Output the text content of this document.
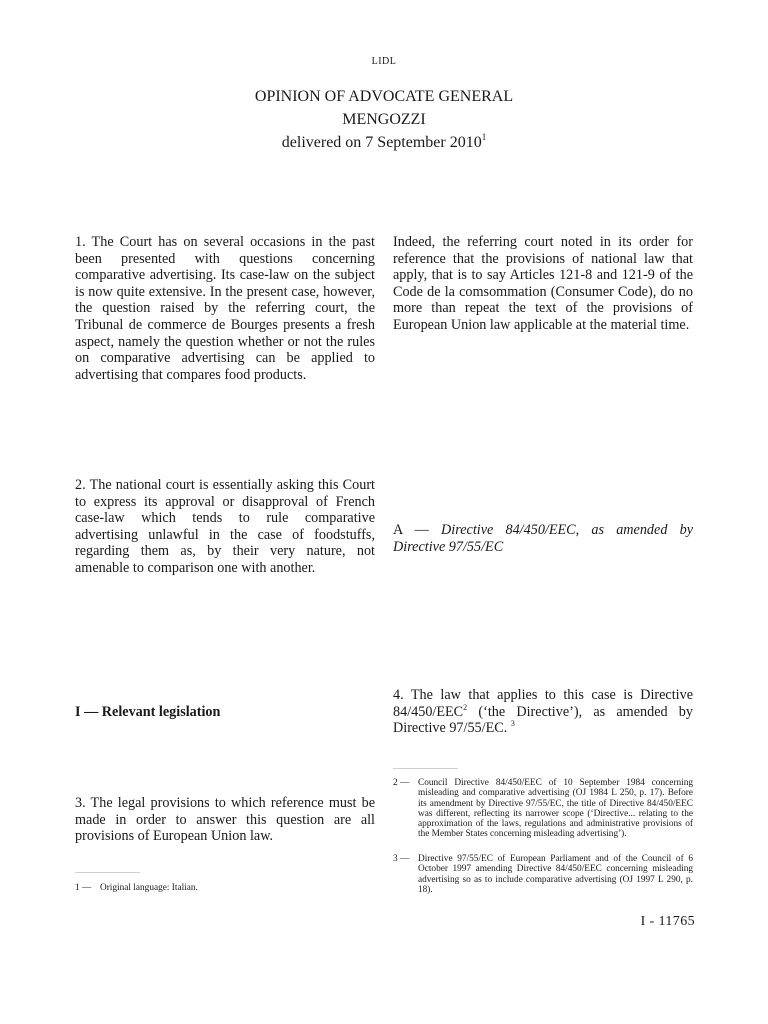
LIDL
OPINION OF ADVOCATE GENERAL
MENGOZZI
delivered on 7 September 2010$^1$

1. The Court has on several occasions in the past been presented with questions concerning comparative advertising. Its case-law on the subject is now quite extensive. In the present case, however, the question raised by the referring court, the Tribunal de commerce de Bourges presents a fresh aspect, namely the question whether or not the rules on comparative advertising can be applied to advertising that compares food products.

2. The national court is essentially asking this Court to express its approval or disapproval of French case-law which tends to rule comparative advertising unlawful in the case of foodstuffs, regarding them as, by their very nature, not amenable to comparison one with another.

I — Relevant legislation

3. The legal provisions to which reference must be made in order to answer this question are all provisions of European Union law.

1 — Original language: Italian.

Indeed, the referring court noted in its order for reference that the provisions of national law that apply, that is to say Articles 121-8 and 121-9 of the Code de la comsommation (Consumer Code), do no more than repeat the text of the provisions of European Union law applicable at the material time.

A — Directive 84/450/EEC, as amended by Directive 97/55/EC

4. The law that applies to this case is Directive 84/450/EEC$^2$ (‘the Directive’), as amended by Directive 97/55/EC. $^3$

2 — Council Directive 84/450/EEC of 10 September 1984 concerning misleading and comparative advertising (OJ 1984 L 250, p. 17). Before its amendment by Directive 97/55/EC, the title of Directive 84/450/EEC was different, reflecting its narrower scope (‘Directive... relating to the approximation of the laws, regulations and administrative provisions of the Member States concerning misleading advertising’).
3 — Directive 97/55/EC of European Parliament and of the Council of 6 October 1997 amending Directive 84/450/EEC concerning misleading advertising so as to include comparative advertising (OJ 1997 L 290, p. 18).
I - 11765
